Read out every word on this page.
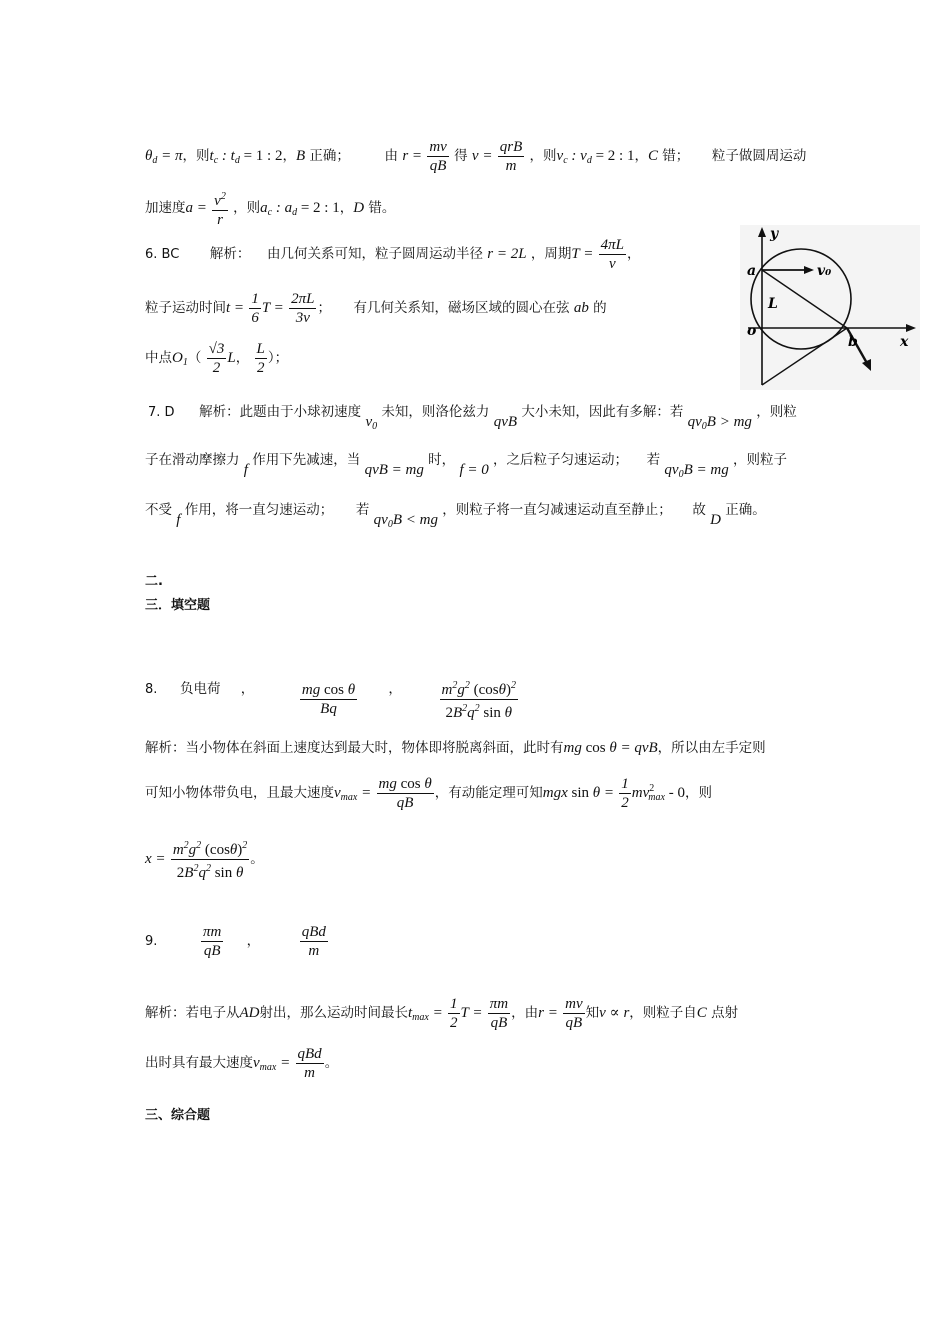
$\theta_d = \pi$，则$t_c$ : $t_d = 1$ : 2，B 正确；	由 $r = \frac{mv}{qB}$ 得 $v = \frac{\text{qrB}}{m}$ ，则$v_c$ : $v_d = 2$ : 1，C 错； 粒子做圆周运动
加速度$a = \frac{v^2}{r}$ ，则$a_c$ : $a_d = 2$ : 1，D 错。
6. BC 解析： 由几何关系可知，粒子圆周运动半径 r = 2L ，周期$T = \frac{4\pi L}{v}$ ，
粒子运动时间$t = \frac{1}{6}$ $T = \frac{2\pi L}{3v}$ ；  有几何关系知，磁场区域的圆心在弦 ab 的
中点$O_1( \frac{√3}{2}$ L， $\frac{L}{2}$ ）；
y
a	v₀
L
o
b	x
7. D 解析：此题由于小球初速度 $v_0$ 未知，则洛伦兹力 qvB 大小未知，因此有多解：若 $qv_0B$ > mg ，则粒
子在滑动摩擦力 f 作用下先减速，当 qvB = mg 时， f = 0 ，之后粒子匀速运动； 若 $qv_0B$ = mg ，则粒子
不受 f 作用，将一直匀速运动； 若 $qv_0B$ < mg ，则粒子将一直匀减速运动直至静止； 故 D 正确。
二.
三．填空题
8. 负电荷 ，	$\frac{\text{mg cos θ}}{Bq}$ ， $\frac{m^2g^2 (\cos\theta)^2}{2B^2q^2 \sin \theta}$
解析：当小物体在斜面上速度达到最大时，物体即将脱离斜面，此时有mg cos θ = qvB，所以由左手定则
可知小物体带负电，且最大速度$v_{max} = \frac{\text{mg cos θ}}{qB}$ ，有动能定理可知mgx $\sin \theta = \frac{1}{2} mv^2_{max} - 0$，则
$x = \frac{m^2g^2 (\cos\theta)^2}{2B^2q^2 \sin \theta}$ 。
9.	$\frac{\pi m}{qB}$ ， $\frac{\text{qBd}}{m}$
解析：若电子从AD射出，那么运动时间最长$t_{max} = \frac{1}{2}$ $T = \frac{\pi m}{qB}$ ，由$r = \frac{mv}{qB}$ 知v ∝ r，则粒子自C 点射
出时具有最大速度$v_{max} = \frac{\text{qBd}}{m}$ 。
三、综合题
